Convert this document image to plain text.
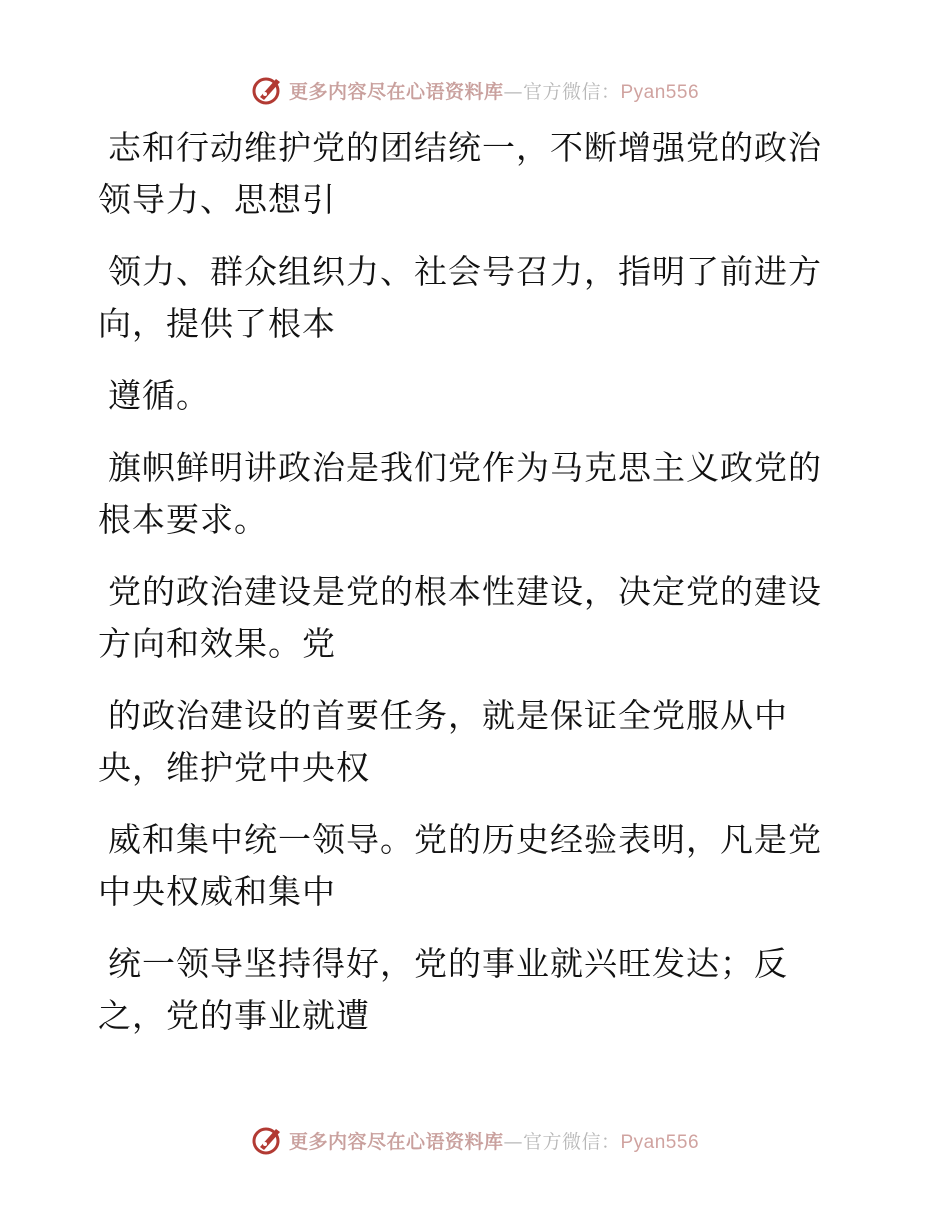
更多内容尽在心语资料库—官方微信：Pyan556

志和行动维护党的团结统一，不断增强党的政治
领导力、思想引

领力、群众组织力、社会号召力，指明了前进方
向，提供了根本

遵循。

旗帜鲜明讲政治是我们党作为马克思主义政党的
根本要求。

党的政治建设是党的根本性建设，决定党的建设
方向和效果。党

的政治建设的首要任务，就是保证全党服从中
央，维护党中央权

威和集中统一领导。党的历史经验表明，凡是党
中央权威和集中

统一领导坚持得好，党的事业就兴旺发达；反
之，党的事业就遭

更多内容尽在心语资料库—官方微信：Pyan556
